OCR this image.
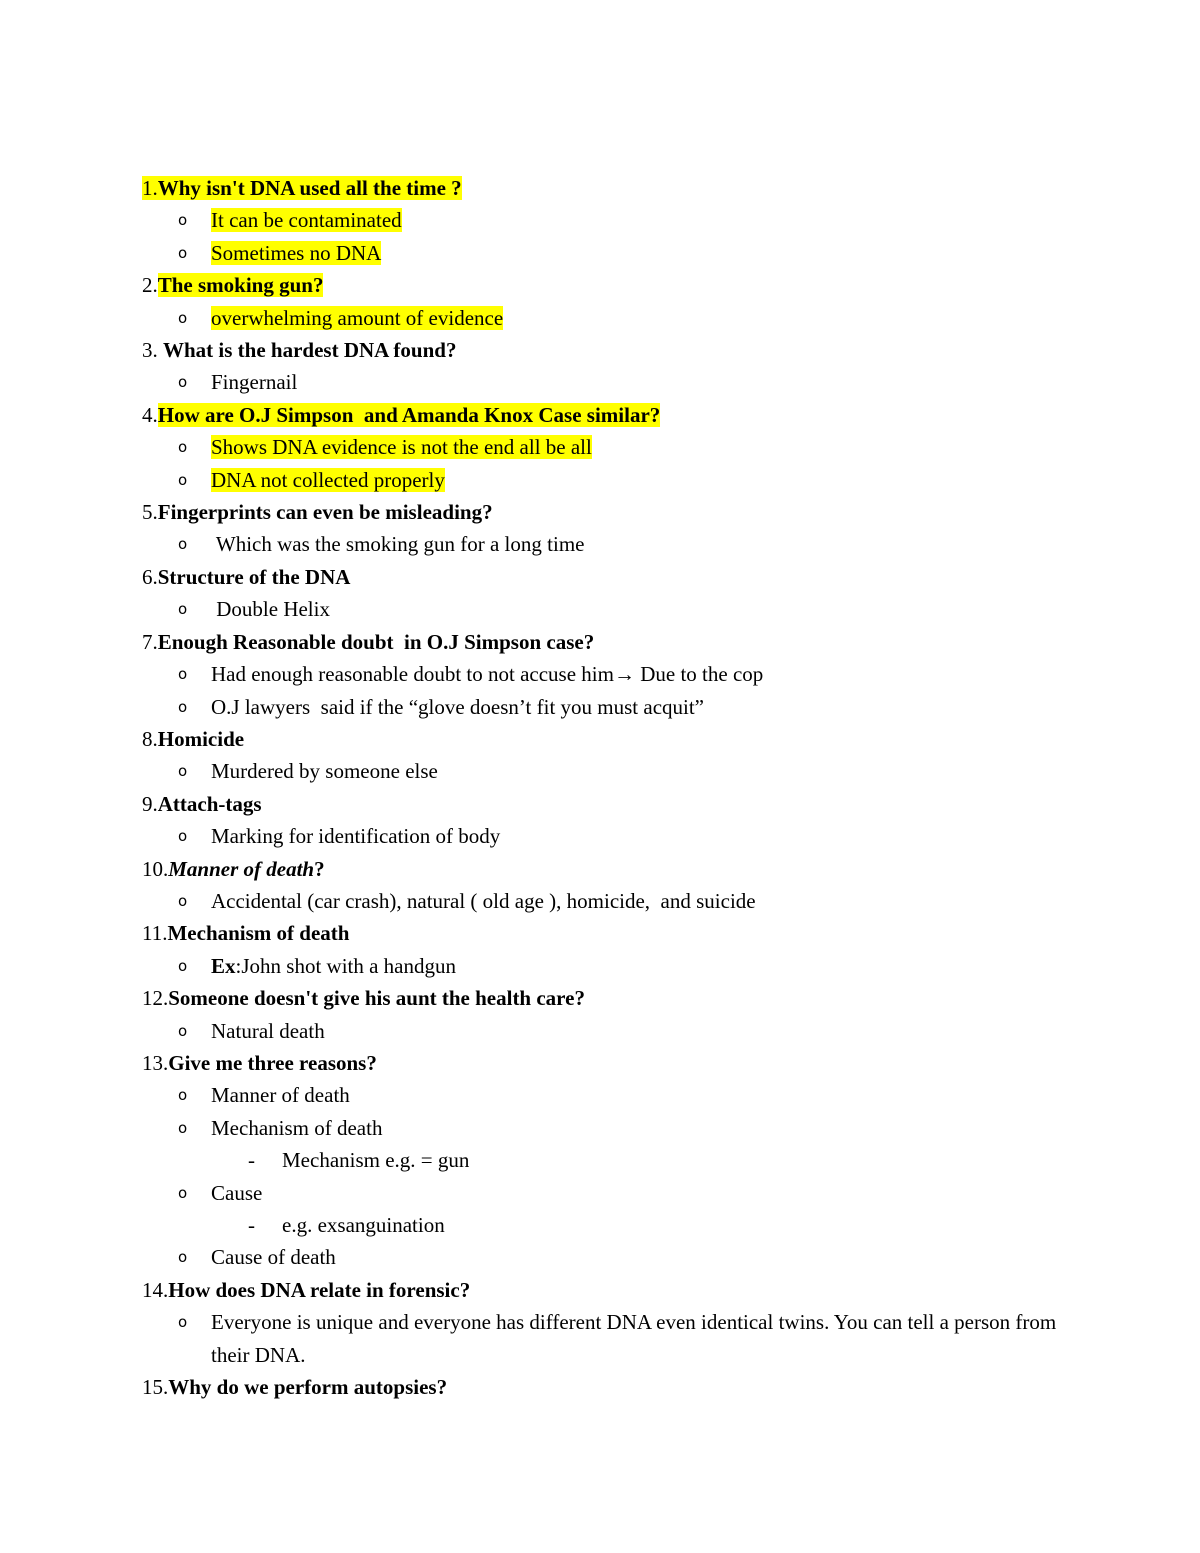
1.Why isn't DNA used all the time ?
o It can be contaminated
o Sometimes no DNA
2.The smoking gun?
o overwhelming amount of evidence
3. What is the hardest DNA found?
o Fingernail
4.How are O.J Simpson  and Amanda Knox Case similar?
o Shows DNA evidence is not the end all be all
o DNA not collected properly
5.Fingerprints can even be misleading?
o Which was the smoking gun for a long time
6.Structure of the DNA
o Double Helix
7.Enough Reasonable doubt  in O.J Simpson case?
o Had enough reasonable doubt to not accuse him→ Due to the cop
o O.J lawyers  said if the “glove doesn’t fit you must acquit”
8.Homicide
o Murdered by someone else
9.Attach-tags
o Marking for identification of body
10.Manner of death?
o Accidental (car crash), natural ( old age ), homicide,  and suicide
11.Mechanism of death
o Ex:John shot with a handgun
12.Someone doesn't give his aunt the health care?
o Natural death
13.Give me three reasons?
o Manner of death
o Mechanism of death
- Mechanism e.g. = gun
o Cause
- e.g. exsanguination
o Cause of death
14.How does DNA relate in forensic?
o Everyone is unique and everyone has different DNA even identical twins. You can tell a person from their DNA.
15.Why do we perform autopsies?
